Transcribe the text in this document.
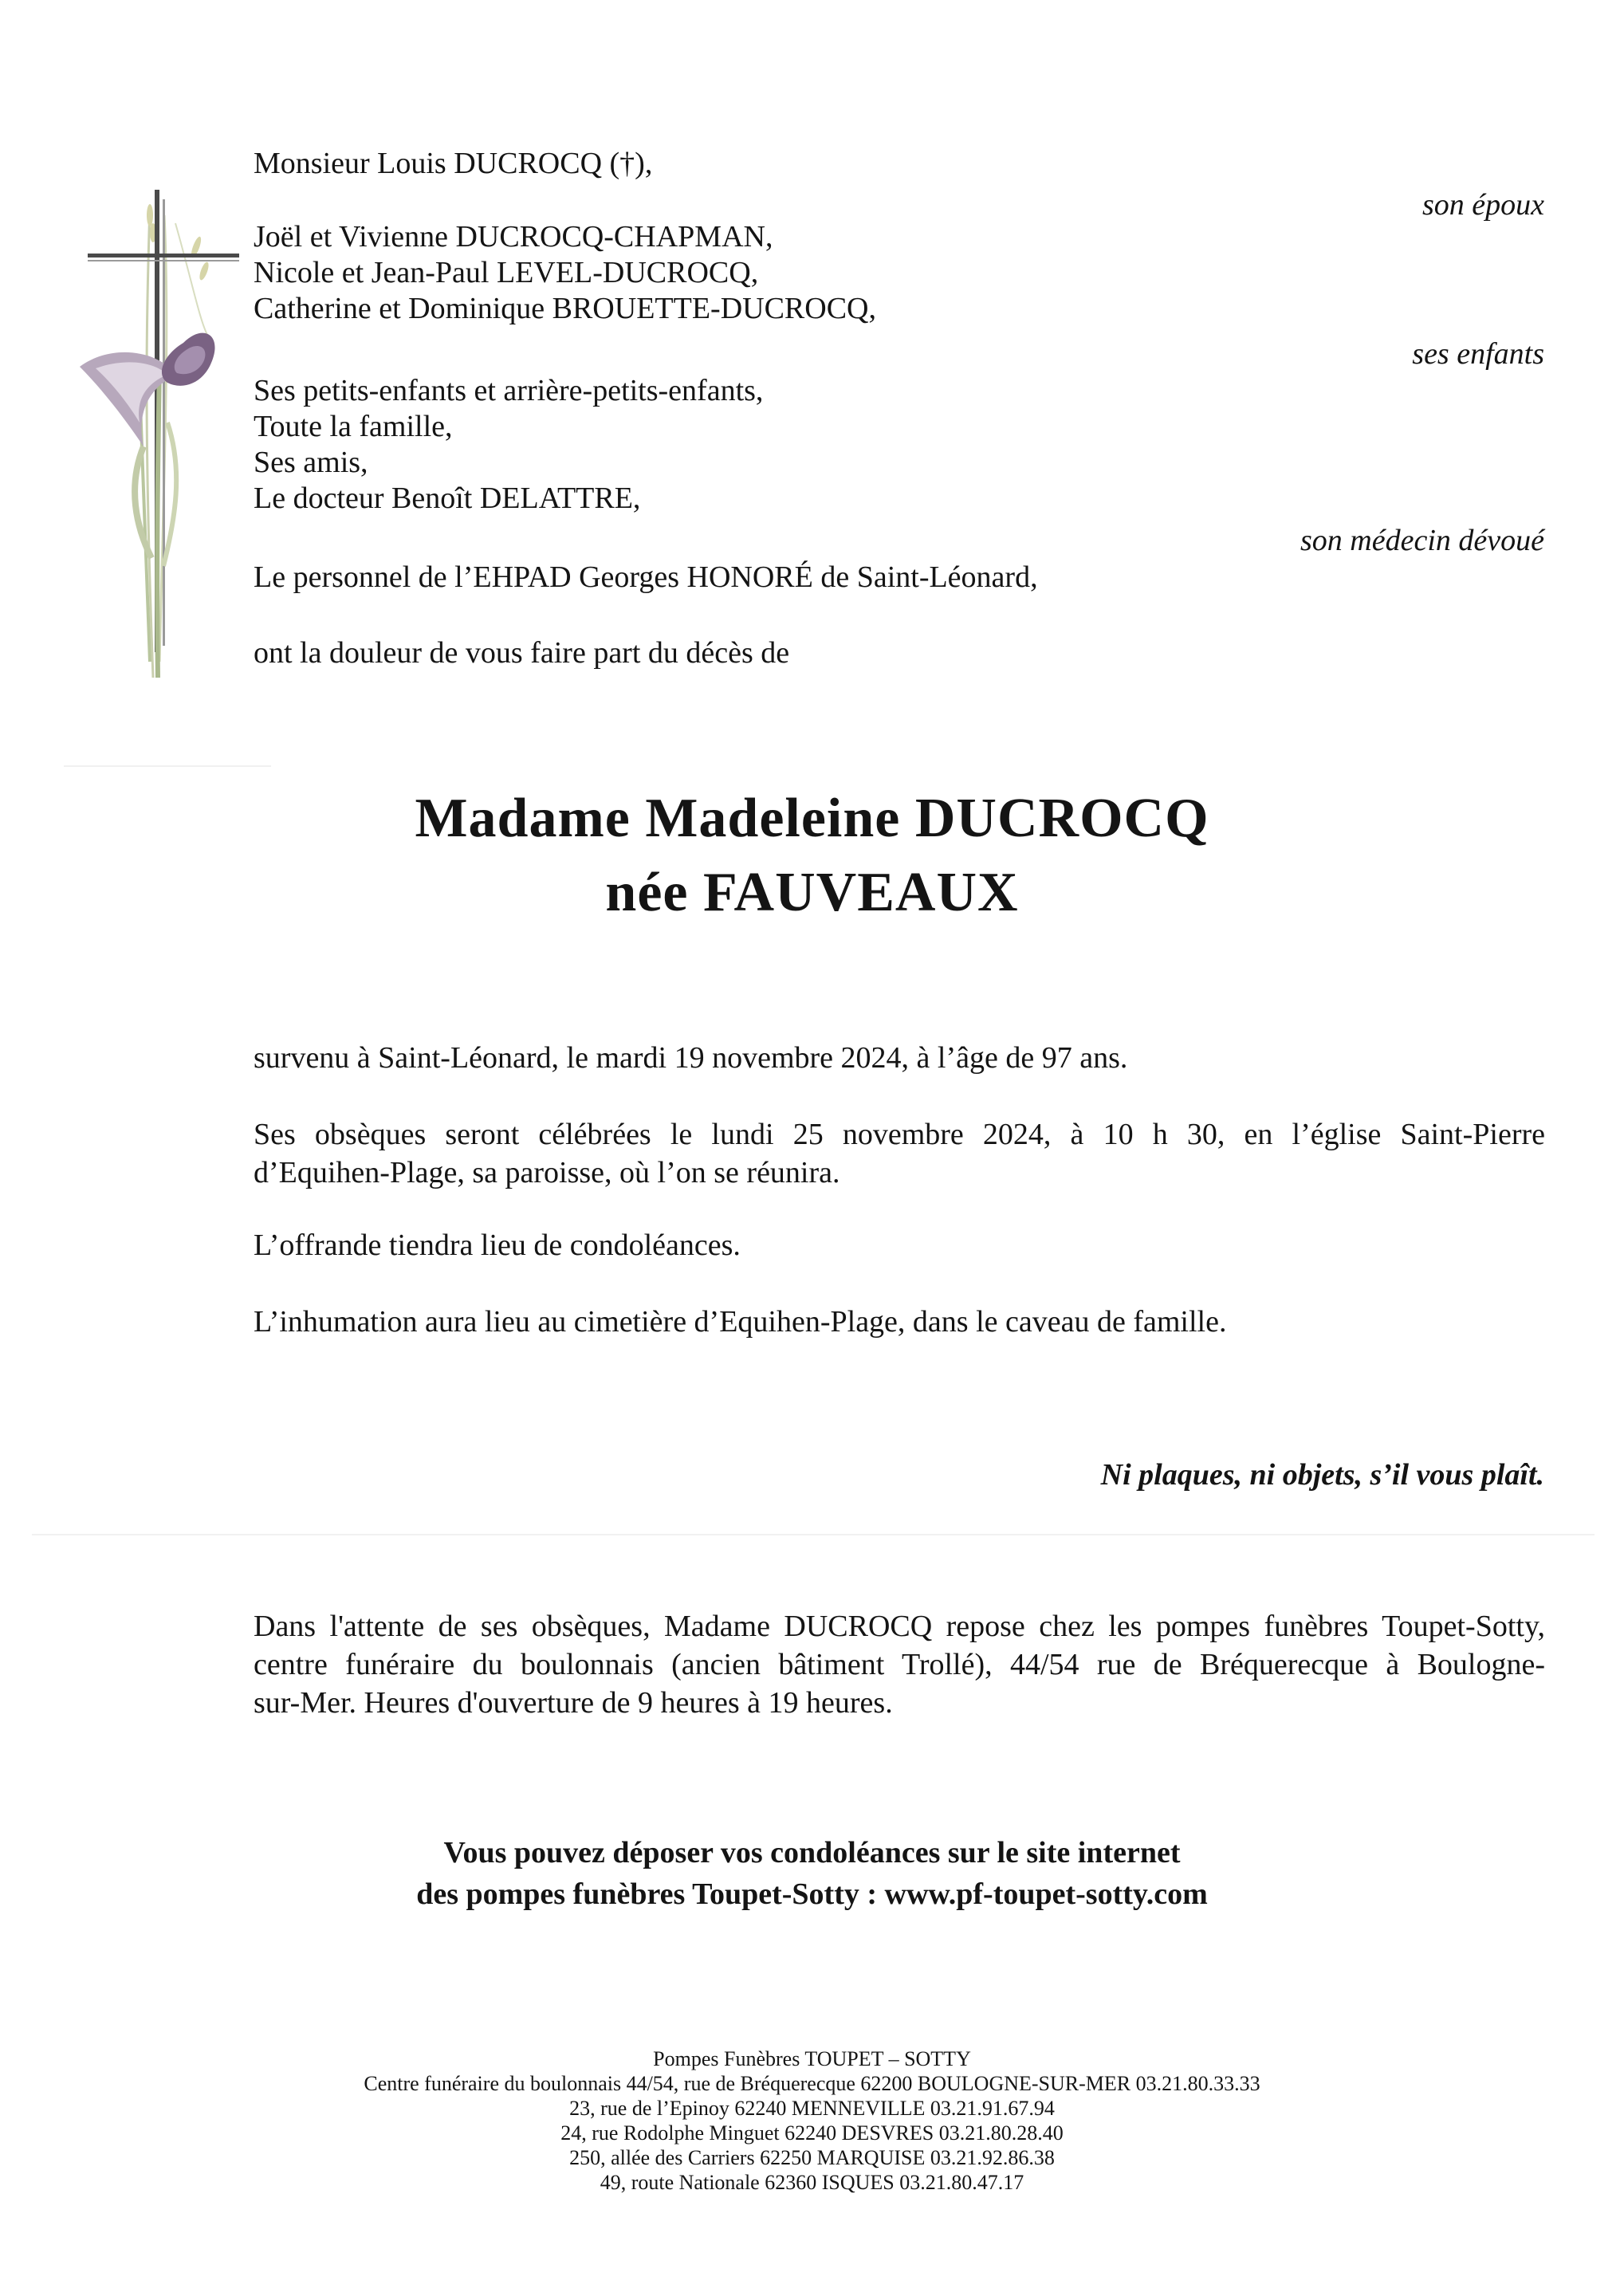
Monsieur Louis DUCROCQ (†),
son époux
Joël et Vivienne DUCROCQ-CHAPMAN,
Nicole et Jean-Paul LEVEL-DUCROCQ,
Catherine et Dominique BROUETTE-DUCROCQ,
ses enfants
Ses petits-enfants et arrière-petits-enfants,
Toute la famille,
Ses amis,
Le docteur Benoît DELATTRE,
son médecin dévoué
Le personnel de l’EHPAD Georges HONORÉ de Saint-Léonard,
ont la douleur de vous faire part du décès de
Madame Madeleine DUCROCQ
née FAUVEAUX
survenu à Saint-Léonard, le mardi 19 novembre 2024, à l’âge de 97 ans.
Ses obsèques seront célébrées le lundi 25 novembre 2024, à 10 h 30, en l’église Saint-Pierre
d’Equihen-Plage, sa paroisse, où l’on se réunira.
L’offrande tiendra lieu de condoléances.
L’inhumation aura lieu au cimetière d’Equihen-Plage, dans le caveau de famille.
Ni plaques, ni objets, s’il vous plaît.
Dans l'attente de ses obsèques, Madame DUCROCQ repose chez les pompes funèbres Toupet-Sotty,
centre funéraire du boulonnais (ancien bâtiment Trollé), 44/54 rue de Bréquerecque à Boulogne-
sur-Mer. Heures d'ouverture de 9 heures à 19 heures.
Vous pouvez déposer vos condoléances sur le site internet
des pompes funèbres Toupet-Sotty : www.pf-toupet-sotty.com
Pompes Funèbres TOUPET – SOTTY
Centre funéraire du boulonnais 44/54, rue de Bréquerecque 62200 BOULOGNE-SUR-MER 03.21.80.33.33
23, rue de l’Epinoy 62240 MENNEVILLE 03.21.91.67.94
24, rue Rodolphe Minguet 62240 DESVRES 03.21.80.28.40
250, allée des Carriers 62250 MARQUISE 03.21.92.86.38
49, route Nationale 62360 ISQUES 03.21.80.47.17
